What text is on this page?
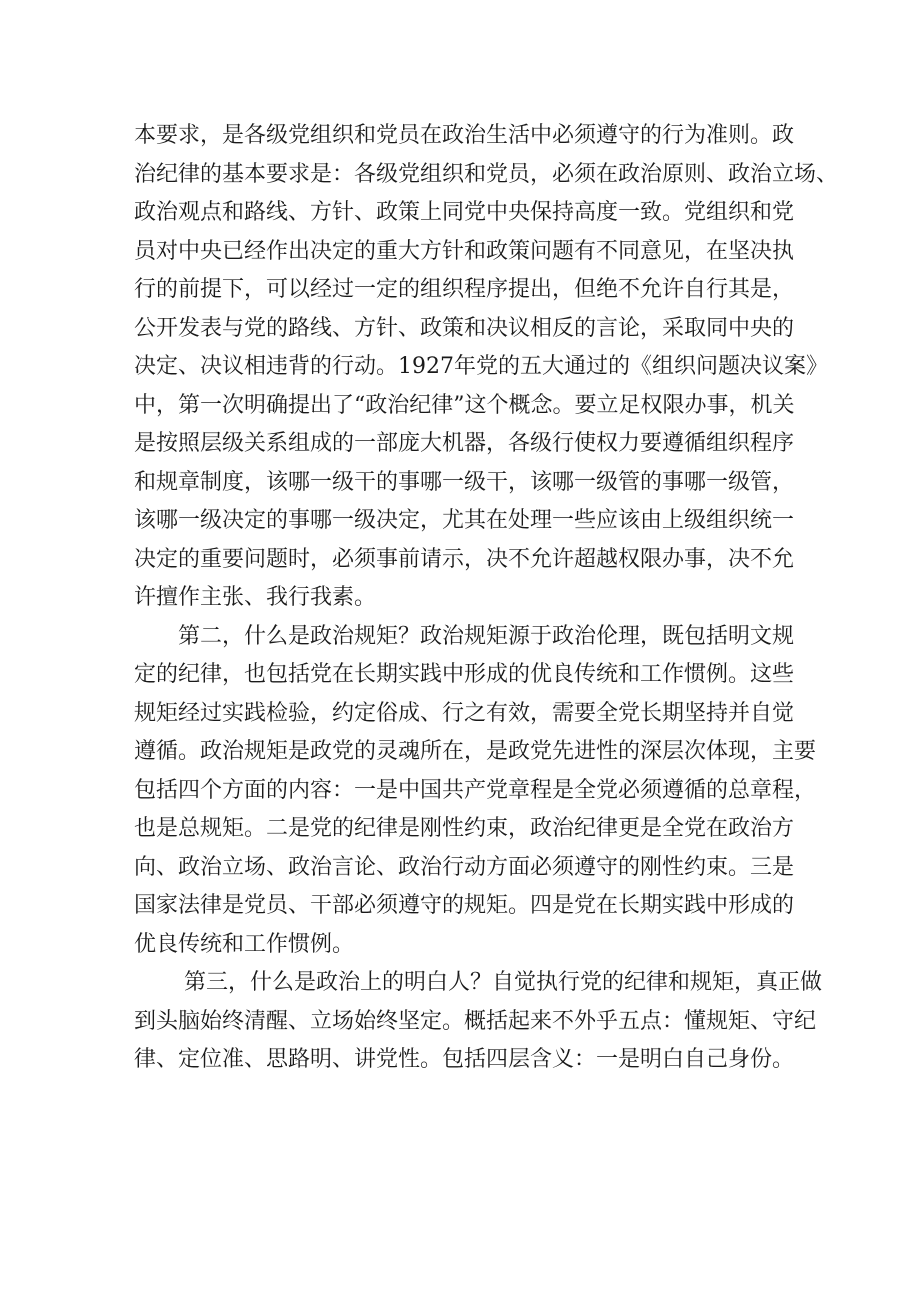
本要求，是各级党组织和党员在政治生活中必须遵守的行为准则。政
治纪律的基本要求是：各级党组织和党员，必须在政治原则、政治立场、
政治观点和路线、方针、政策上同党中央保持高度一致。党组织和党
员对中央已经作出决定的重大方针和政策问题有不同意见，在坚决执
行的前提下，可以经过一定的组织程序提出，但绝不允许自行其是，
公开发表与党的路线、方针、政策和决议相反的言论，采取同中央的
决定、决议相违背的行动。1927年党的五大通过的《组织问题决议案》
中，第一次明确提出了“政治纪律”这个概念。要立足权限办事，机关
是按照层级关系组成的一部庞大机器，各级行使权力要遵循组织程序
和规章制度，该哪一级干的事哪一级干，该哪一级管的事哪一级管，
该哪一级决定的事哪一级决定，尤其在处理一些应该由上级组织统一
决定的重要问题时，必须事前请示，决不允许超越权限办事，决不允
许擅作主张、我行我素。
第二，什么是政治规矩？政治规矩源于政治伦理，既包括明文规
定的纪律，也包括党在长期实践中形成的优良传统和工作惯例。这些
规矩经过实践检验，约定俗成、行之有效，需要全党长期坚持并自觉
遵循。政治规矩是政党的灵魂所在，是政党先进性的深层次体现，主要
包括四个方面的内容：一是中国共产党章程是全党必须遵循的总章程，
也是总规矩。二是党的纪律是刚性约束，政治纪律更是全党在政治方
向、政治立场、政治言论、政治行动方面必须遵守的刚性约束。三是
国家法律是党员、干部必须遵守的规矩。四是党在长期实践中形成的
优良传统和工作惯例。
第三，什么是政治上的明白人？自觉执行党的纪律和规矩，真正做
到头脑始终清醒、立场始终坚定。概括起来不外乎五点：懂规矩、守纪
律、定位准、思路明、讲党性。包括四层含义：一是明白自己身份。
